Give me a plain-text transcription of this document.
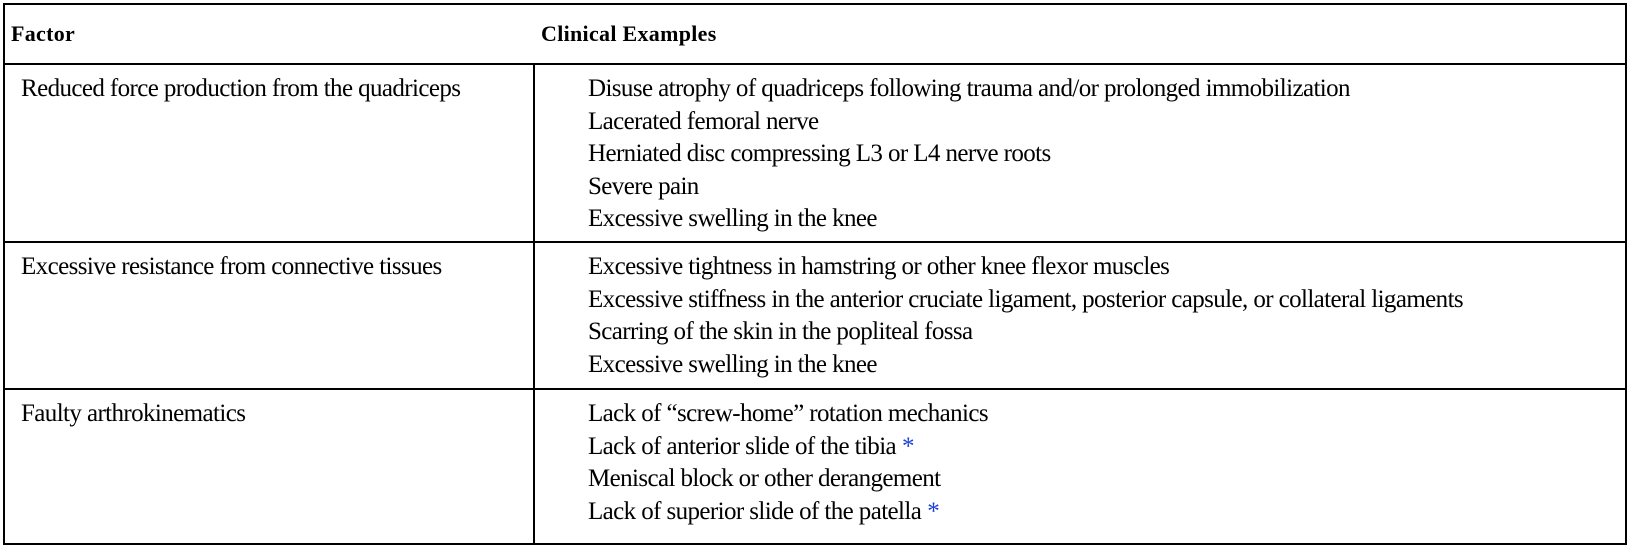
Factor	Clinical Examples
Reduced force production from the quadriceps	Disuse atrophy of quadriceps following trauma and/or prolonged immobilization
Lacerated femoral nerve
Herniated disc compressing L3 or L4 nerve roots
Severe pain
Excessive swelling in the knee
Excessive resistance from connective tissues	Excessive tightness in hamstring or other knee flexor muscles
Excessive stiffness in the anterior cruciate ligament, posterior capsule, or collateral ligaments
Scarring of the skin in the popliteal fossa
Excessive swelling in the knee
Faulty arthrokinematics	Lack of “screw-home” rotation mechanics
Lack of anterior slide of the tibia *
Meniscal block or other derangement
Lack of superior slide of the patella *
